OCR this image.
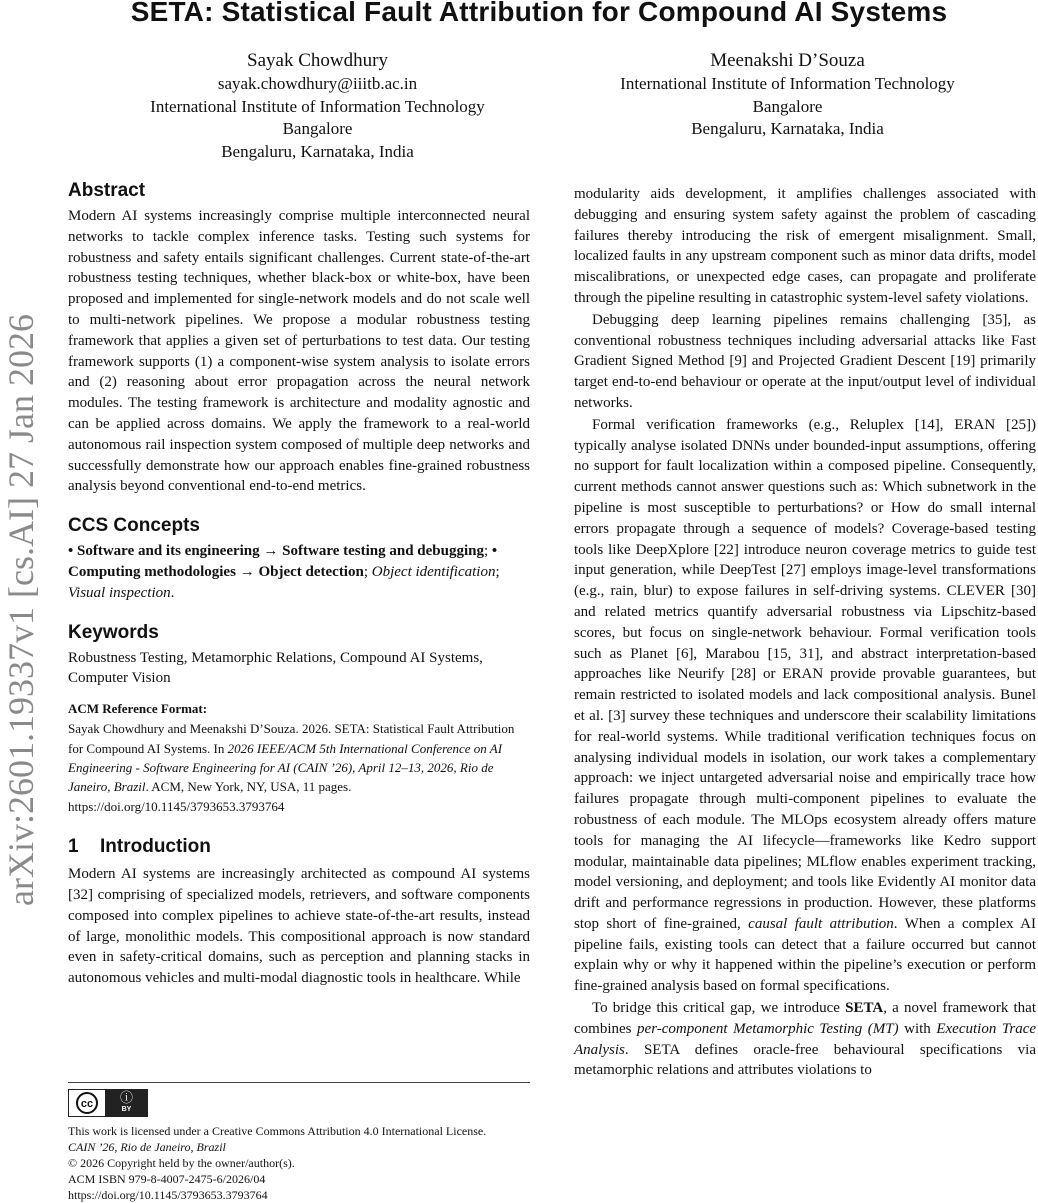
arXiv:2601.19337v1 [cs.AI] 27 Jan 2026
SETA: Statistical Fault Attribution for Compound AI Systems
Sayak Chowdhury
sayak.chowdhury@iiitb.ac.in
International Institute of Information Technology
Bangalore
Bengaluru, Karnataka, India
Meenakshi D’Souza
International Institute of Information Technology
Bangalore
Bengaluru, Karnataka, India
Abstract

Modern AI systems increasingly comprise multiple interconnected neural networks to tackle complex inference tasks. Testing such systems for robustness and safety entails significant challenges. Current state-of-the-art robustness testing techniques, whether black-box or white-box, have been proposed and implemented for single-network models and do not scale well to multi-network pipelines. We propose a modular robustness testing framework that applies a given set of perturbations to test data. Our testing framework supports (1) a component-wise system analysis to isolate errors and (2) reasoning about error propagation across the neural network modules. The testing framework is architecture and modality agnostic and can be applied across domains. We apply the framework to a real-world autonomous rail inspection system composed of multiple deep networks and successfully demonstrate how our approach enables fine-grained robustness analysis beyond conventional end-to-end metrics.

CCS Concepts

• Software and its engineering → Software testing and debugging; • Computing methodologies → Object detection; Object identification; Visual inspection.

Keywords

Robustness Testing, Metamorphic Relations, Compound AI Systems, Computer Vision

ACM Reference Format:

Sayak Chowdhury and Meenakshi D’Souza. 2026. SETA: Statistical Fault Attribution for Compound AI Systems. In 2026 IEEE/ACM 5th International Conference on AI Engineering - Software Engineering for AI (CAIN ’26), April 12–13, 2026, Rio de Janeiro, Brazil. ACM, New York, NY, USA, 11 pages. https://doi.org/10.1145/3793653.3793764

1 Introduction

Modern AI systems are increasingly architected as compound AI systems [32] comprising of specialized models, retrievers, and software components composed into complex pipelines to achieve state-of-the-art results, instead of large, monolithic models. This compositional approach is now standard even in safety-critical domains, such as perception and planning stacks in autonomous vehicles and multi-modal diagnostic tools in healthcare. While

modularity aids development, it amplifies challenges associated with debugging and ensuring system safety against the problem of cascading failures thereby introducing the risk of emergent misalignment. Small, localized faults in any upstream component such as minor data drifts, model miscalibrations, or unexpected edge cases, can propagate and proliferate through the pipeline resulting in catastrophic system-level safety violations.

Debugging deep learning pipelines remains challenging [35], as conventional robustness techniques including adversarial attacks like Fast Gradient Signed Method [9] and Projected Gradient Descent [19] primarily target end-to-end behaviour or operate at the input/output level of individual networks.

Formal verification frameworks (e.g., Reluplex [14], ERAN [25]) typically analyse isolated DNNs under bounded-input assumptions, offering no support for fault localization within a composed pipeline. Consequently, current methods cannot answer questions such as: Which subnetwork in the pipeline is most susceptible to perturbations? or How do small internal errors propagate through a sequence of models? Coverage-based testing tools like DeepXplore [22] introduce neuron coverage metrics to guide test input generation, while DeepTest [27] employs image-level transformations (e.g., rain, blur) to expose failures in self-driving systems. CLEVER [30] and related metrics quantify adversarial robustness via Lipschitz-based scores, but focus on single-network behaviour. Formal verification tools such as Planet [6], Marabou [15, 31], and abstract interpretation-based approaches like Neurify [28] or ERAN provide provable guarantees, but remain restricted to isolated models and lack compositional analysis. Bunel et al. [3] survey these techniques and underscore their scalability limitations for real-world systems. While traditional verification techniques focus on analysing individual models in isolation, our work takes a complementary approach: we inject untargeted adversarial noise and empirically trace how failures propagate through multi-component pipelines to evaluate the robustness of each module. The MLOps ecosystem already offers mature tools for managing the AI lifecycle—frameworks like Kedro support modular, maintainable data pipelines; MLflow enables experiment tracking, model versioning, and deployment; and tools like Evidently AI monitor data drift and performance regressions in production. However, these platforms stop short of fine-grained, causal fault attribution. When a complex AI pipeline fails, existing tools can detect that a failure occurred but cannot explain why or why it happened within the pipeline’s execution or perform fine-grained analysis based on formal specifications.

To bridge this critical gap, we introduce SETA, a novel framework that combines per-component Metamorphic Testing (MT) with Execution Trace Analysis. SETA defines oracle-free behavioural specifications via metamorphic relations and attributes violations to

cc ⓘ
BY
This work is licensed under a Creative Commons Attribution 4.0 International License.
CAIN ’26, Rio de Janeiro, Brazil
© 2026 Copyright held by the owner/author(s).
ACM ISBN 979-8-4007-2475-6/2026/04
https://doi.org/10.1145/3793653.3793764
